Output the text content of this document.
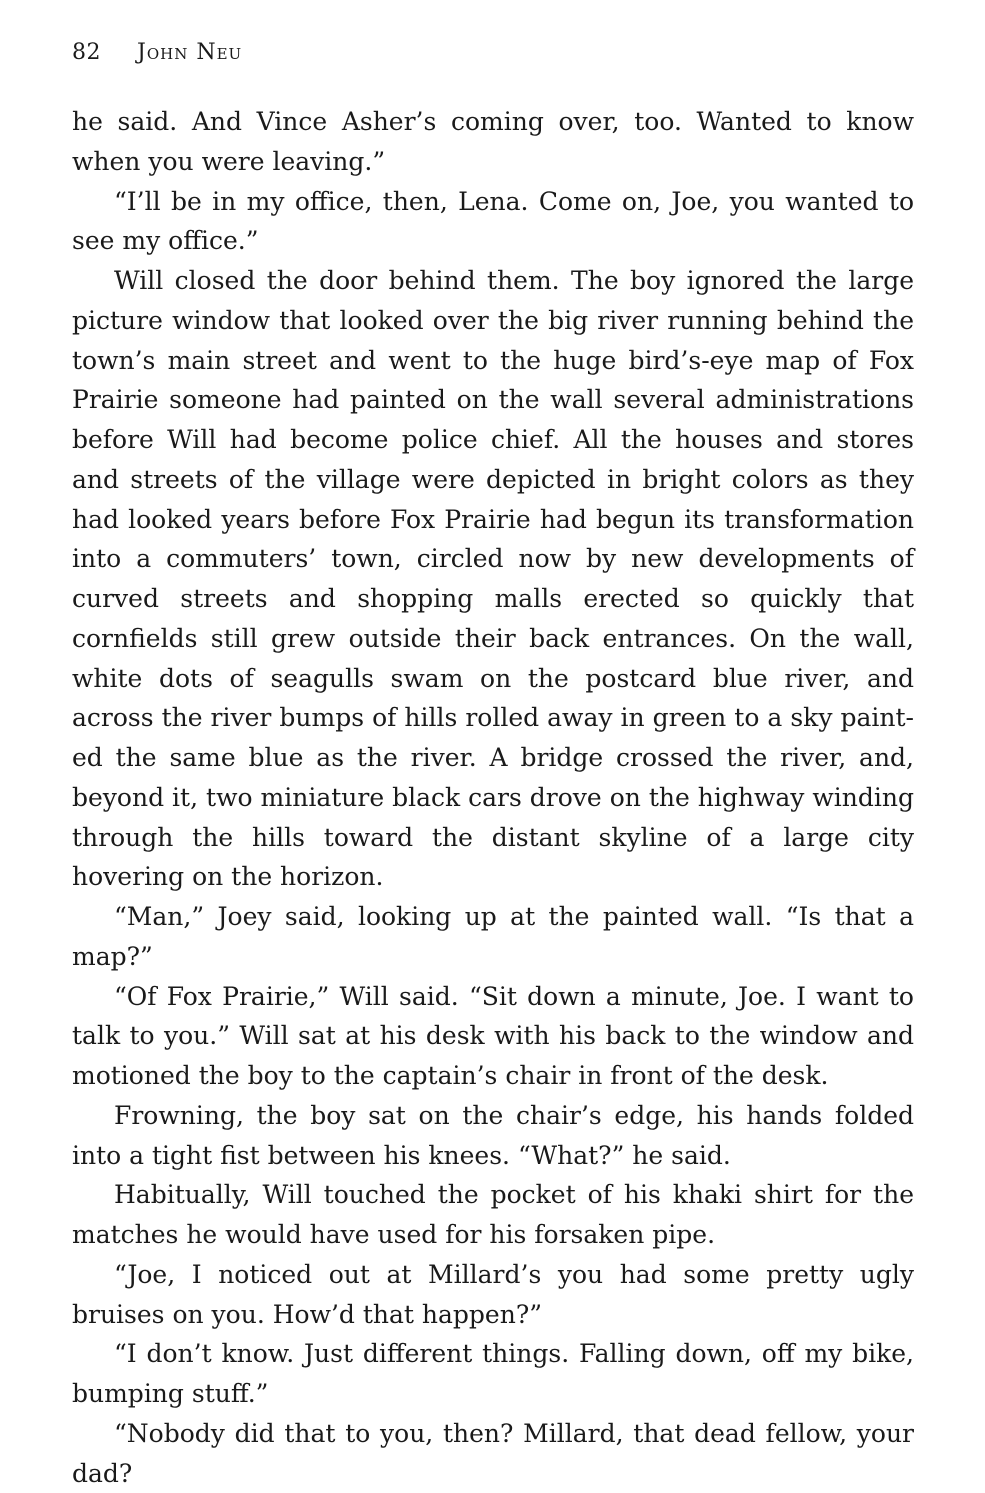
82 John Neu

he said. And Vince Asher’s coming over, too. Wanted to know when you were leaving.”

“I’ll be in my office, then, Lena. Come on, Joe, you wanted to see my office.”

Will closed the door behind them. The boy ignored the large picture window that looked over the big river running behind the town’s main street and went to the huge bird’s-eye map of Fox Prairie someone had painted on the wall several administrations before Will had become police chief. All the houses and stores and streets of the village were depicted in bright colors as they had looked years before Fox Prairie had begun its transformation into a commuters’ town, circled now by new developments of curved streets and shopping malls erected so quickly that cornfields still grew outside their back entrances. On the wall, white dots of seagulls swam on the postcard blue river, and across the river bumps of hills rolled away in green to a sky painted the same blue as the river. A bridge crossed the river, and, beyond it, two miniature black cars drove on the highway winding through the hills toward the distant skyline of a large city hovering on the horizon.

“Man,” Joey said, looking up at the painted wall. “Is that a map?”

“Of Fox Prairie,” Will said. “Sit down a minute, Joe. I want to talk to you.” Will sat at his desk with his back to the window and motioned the boy to the captain’s chair in front of the desk.

Frowning, the boy sat on the chair’s edge, his hands folded into a tight fist between his knees. “What?” he said.

Habitually, Will touched the pocket of his khaki shirt for the matches he would have used for his forsaken pipe.

“Joe, I noticed out at Millard’s you had some pretty ugly bruises on you. How’d that happen?”

“I don’t know. Just different things. Falling down, off my bike, bumping stuff.”

“Nobody did that to you, then? Millard, that dead fellow, your dad?
